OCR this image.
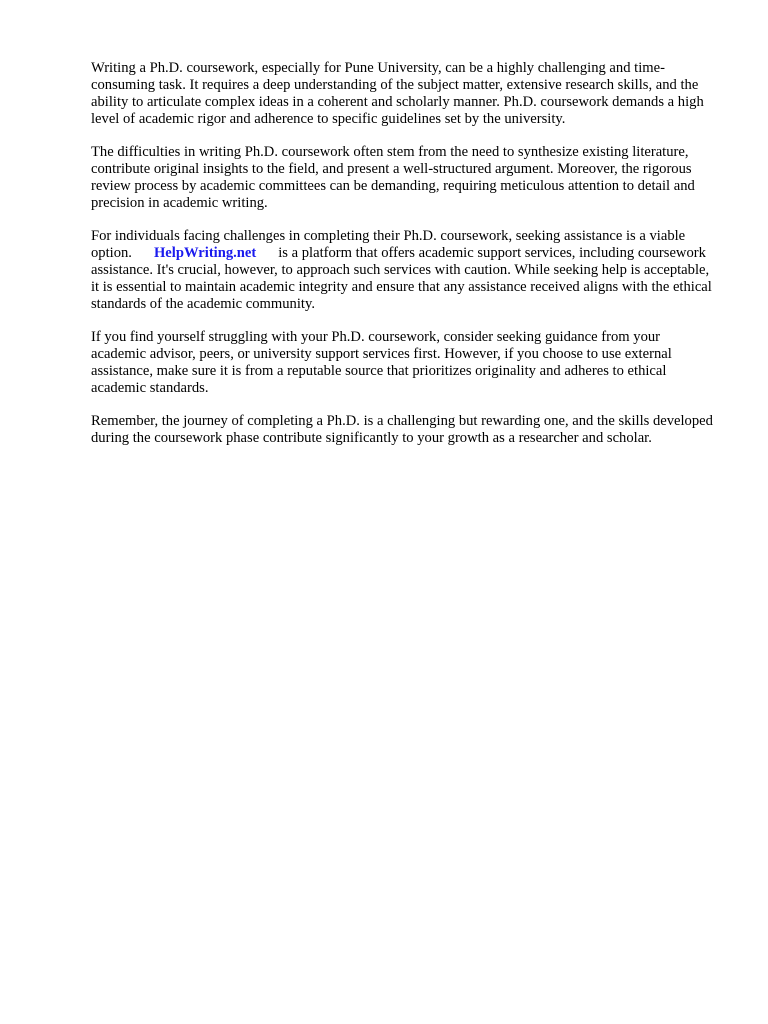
Writing a Ph.D. coursework, especially for Pune University, can be a highly challenging and time-consuming task. It requires a deep understanding of the subject matter, extensive research skills, and the ability to articulate complex ideas in a coherent and scholarly manner. Ph.D. coursework demands a high level of academic rigor and adherence to specific guidelines set by the university.

The difficulties in writing Ph.D. coursework often stem from the need to synthesize existing literature, contribute original insights to the field, and present a well-structured argument. Moreover, the rigorous review process by academic committees can be demanding, requiring meticulous attention to detail and precision in academic writing.

For individuals facing challenges in completing their Ph.D. coursework, seeking assistance is a viable option. HelpWriting.net is a platform that offers academic support services, including coursework assistance. It's crucial, however, to approach such services with caution. While seeking help is acceptable, it is essential to maintain academic integrity and ensure that any assistance received aligns with the ethical standards of the academic community.

If you find yourself struggling with your Ph.D. coursework, consider seeking guidance from your academic advisor, peers, or university support services first. However, if you choose to use external assistance, make sure it is from a reputable source that prioritizes originality and adheres to ethical academic standards.

Remember, the journey of completing a Ph.D. is a challenging but rewarding one, and the skills developed during the coursework phase contribute significantly to your growth as a researcher and scholar.
